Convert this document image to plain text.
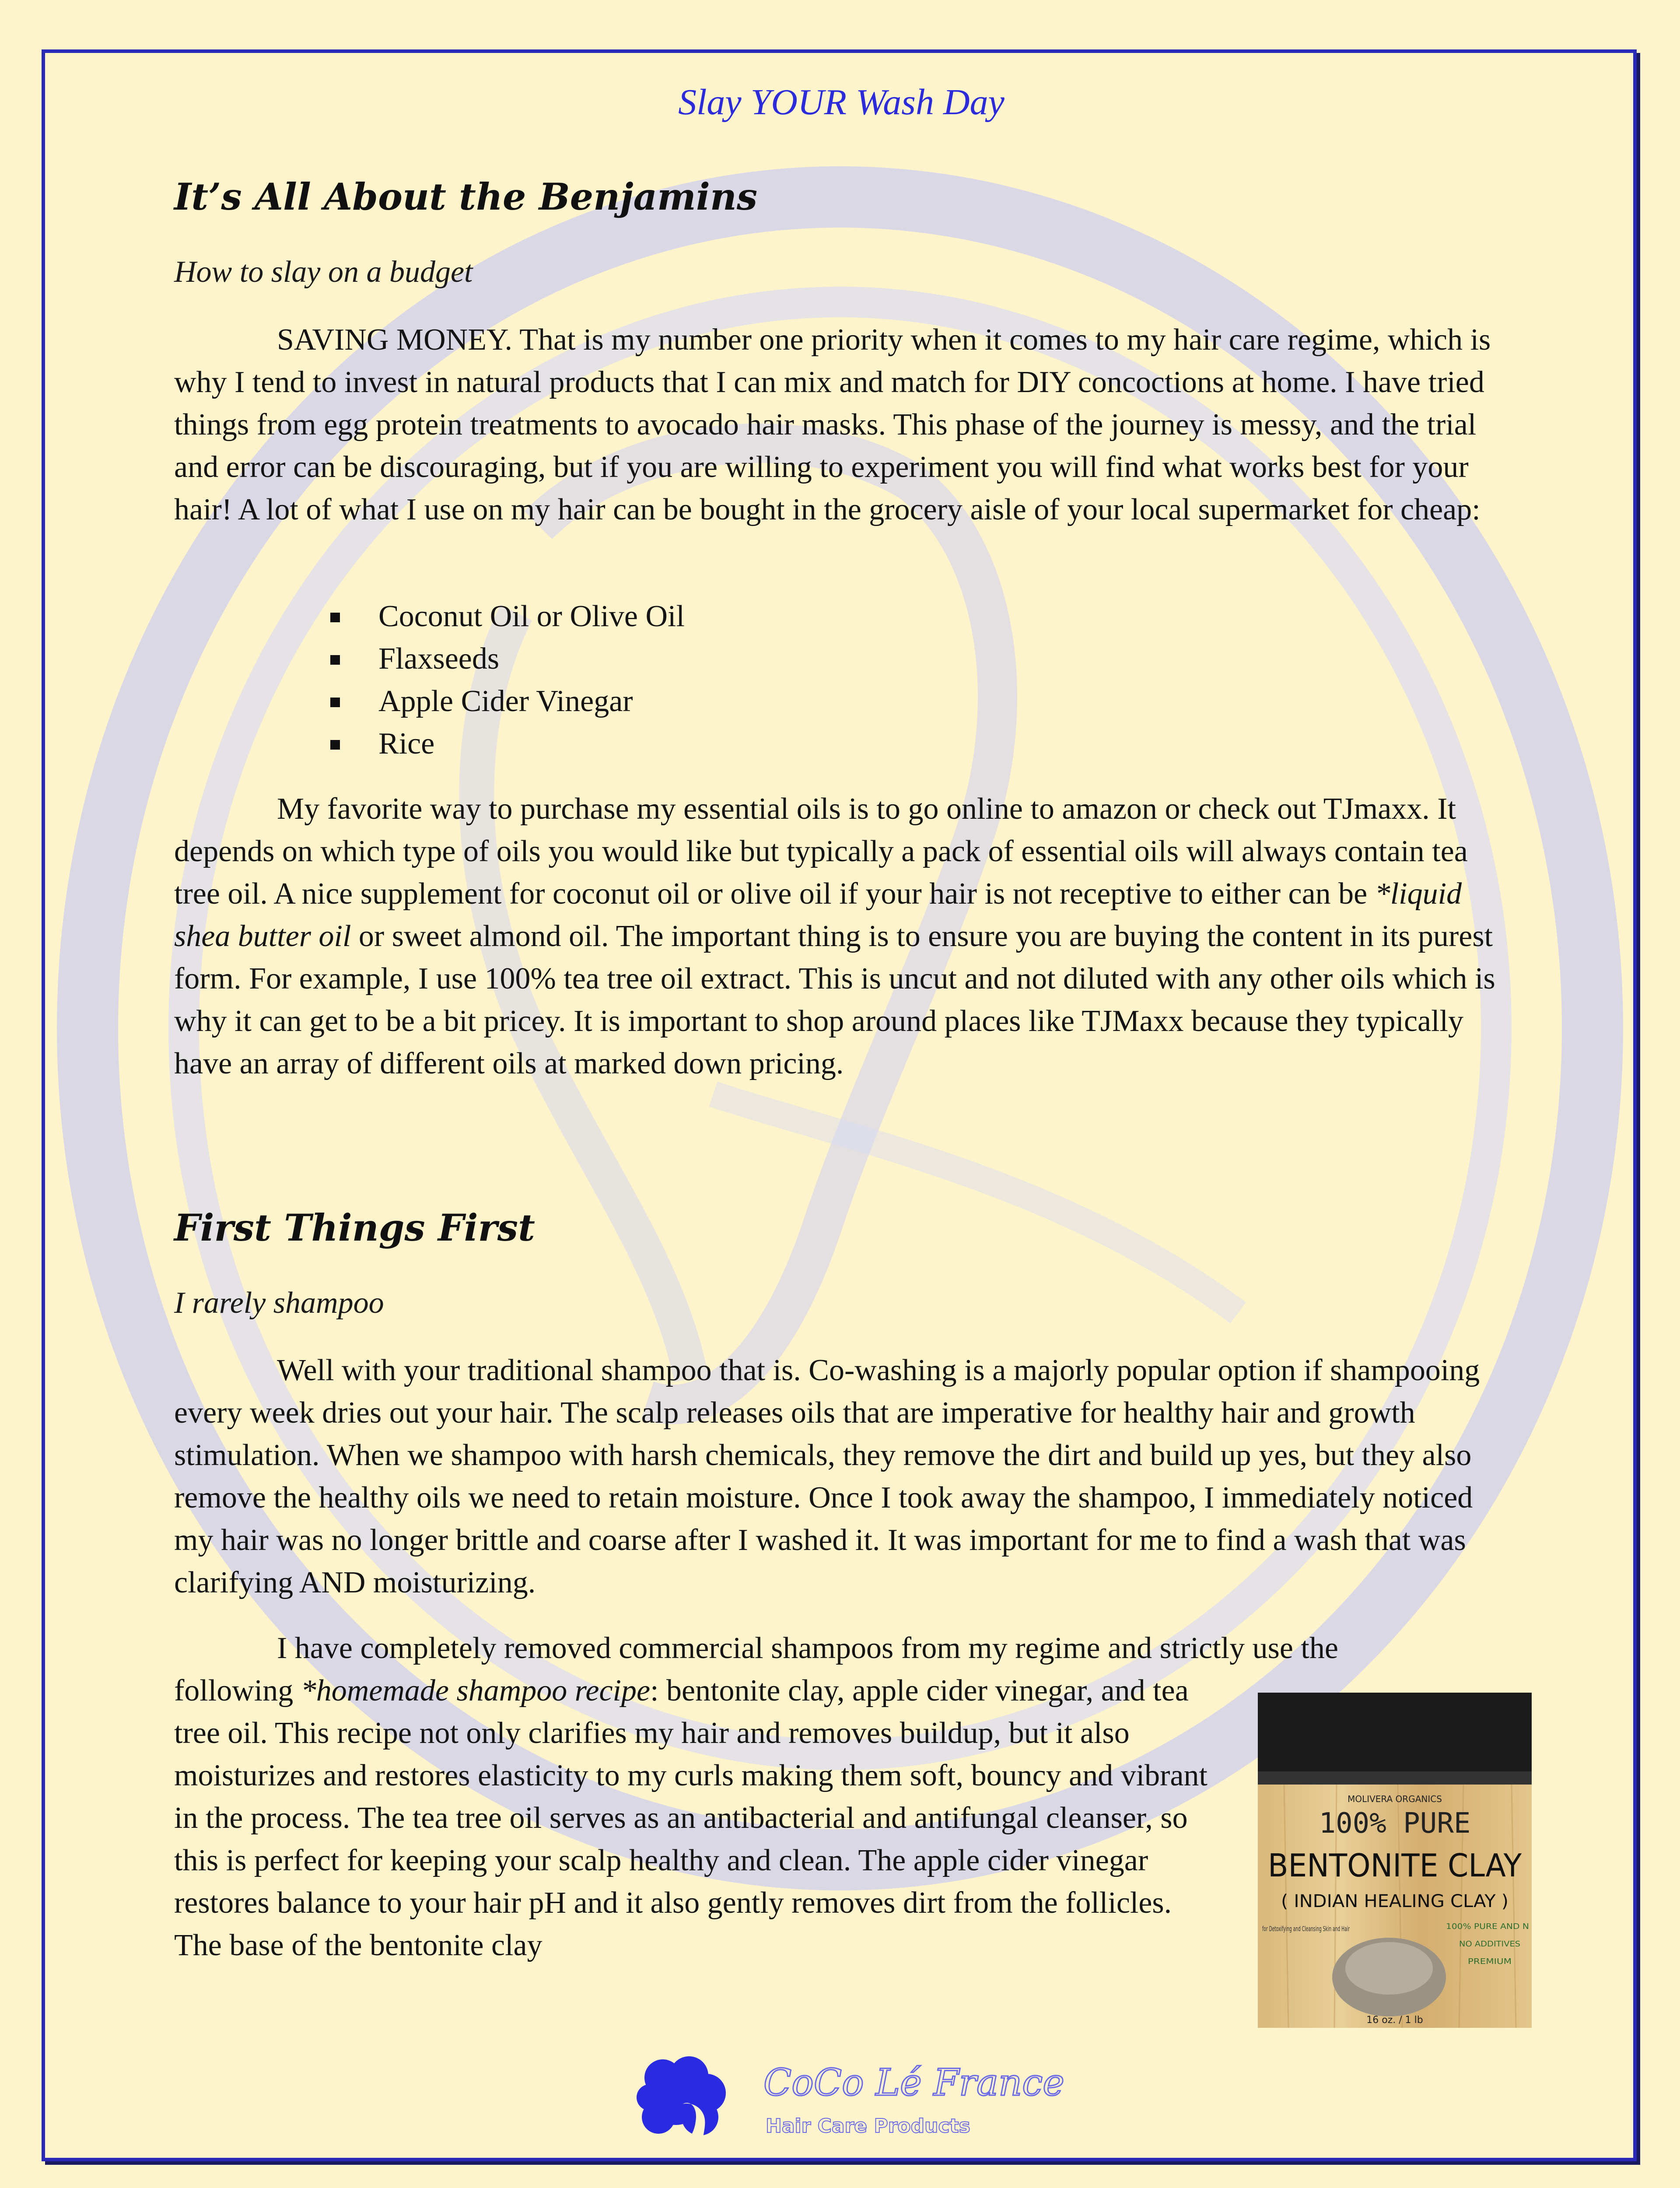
Slay YOUR Wash Day
It’s All About the Benjamins
How to slay on a budget

SAVING MONEY. That is my number one priority when it comes to my hair care regime, which is why I tend to invest in natural products that I can mix and match for DIY concoctions at home. I have tried things from egg protein treatments to avocado hair masks. This phase of the journey is messy, and the trial and error can be discouraging, but if you are willing to experiment you will find what works best for your hair! A lot of what I use on my hair can be bought in the grocery aisle of your local supermarket for cheap:

Coconut Oil or Olive Oil
Flaxseeds
Apple Cider Vinegar
Rice

My favorite way to purchase my essential oils is to go online to amazon or check out TJmaxx. It depends on which type of oils you would like but typically a pack of essential oils will always contain tea tree oil. A nice supplement for coconut oil or olive oil if your hair is not receptive to either can be *liquid shea butter oil or sweet almond oil. The important thing is to ensure you are buying the content in its purest form. For example, I use 100% tea tree oil extract. This is uncut and not diluted with any other oils which is why it can get to be a bit pricey. It is important to shop around places like TJMaxx because they typically have an array of different oils at marked down pricing.

First Things First
I rarely shampoo

Well with your traditional shampoo that is. Co-washing is a majorly popular option if shampooing every week dries out your hair. The scalp releases oils that are imperative for healthy hair and growth stimulation. When we shampoo with harsh chemicals, they remove the dirt and build up yes, but they also remove the healthy oils we need to retain moisture. Once I took away the shampoo, I immediately noticed my hair was no longer brittle and coarse after I washed it. It was important for me to find a wash that was clarifying AND moisturizing.

I have completely removed commercial shampoos from my regime and strictly use the

following *homemade shampoo recipe: bentonite clay, apple cider vinegar, and tea tree oil. This recipe not only clarifies my hair and removes buildup, but it also moisturizes and restores elasticity to my curls making them soft, bouncy and vibrant in the process. The tea tree oil serves as an antibacterial and antifungal cleanser, so this is perfect for keeping your scalp healthy and clean. The apple cider vinegar restores balance to your hair pH and it also gently removes dirt from the follicles. The base of the bentonite clay

MOLIVERA ORGANICS
100% PURE
BENTONITE CLAY
( INDIAN HEALING CLAY )
for Detoxifying and Cleansing Skin and Hair	100% PURE AND N
NO ADDITIVES
PREMIUM
16 oz. / 1 lb
CoCo Lé France
Hair Care Products
